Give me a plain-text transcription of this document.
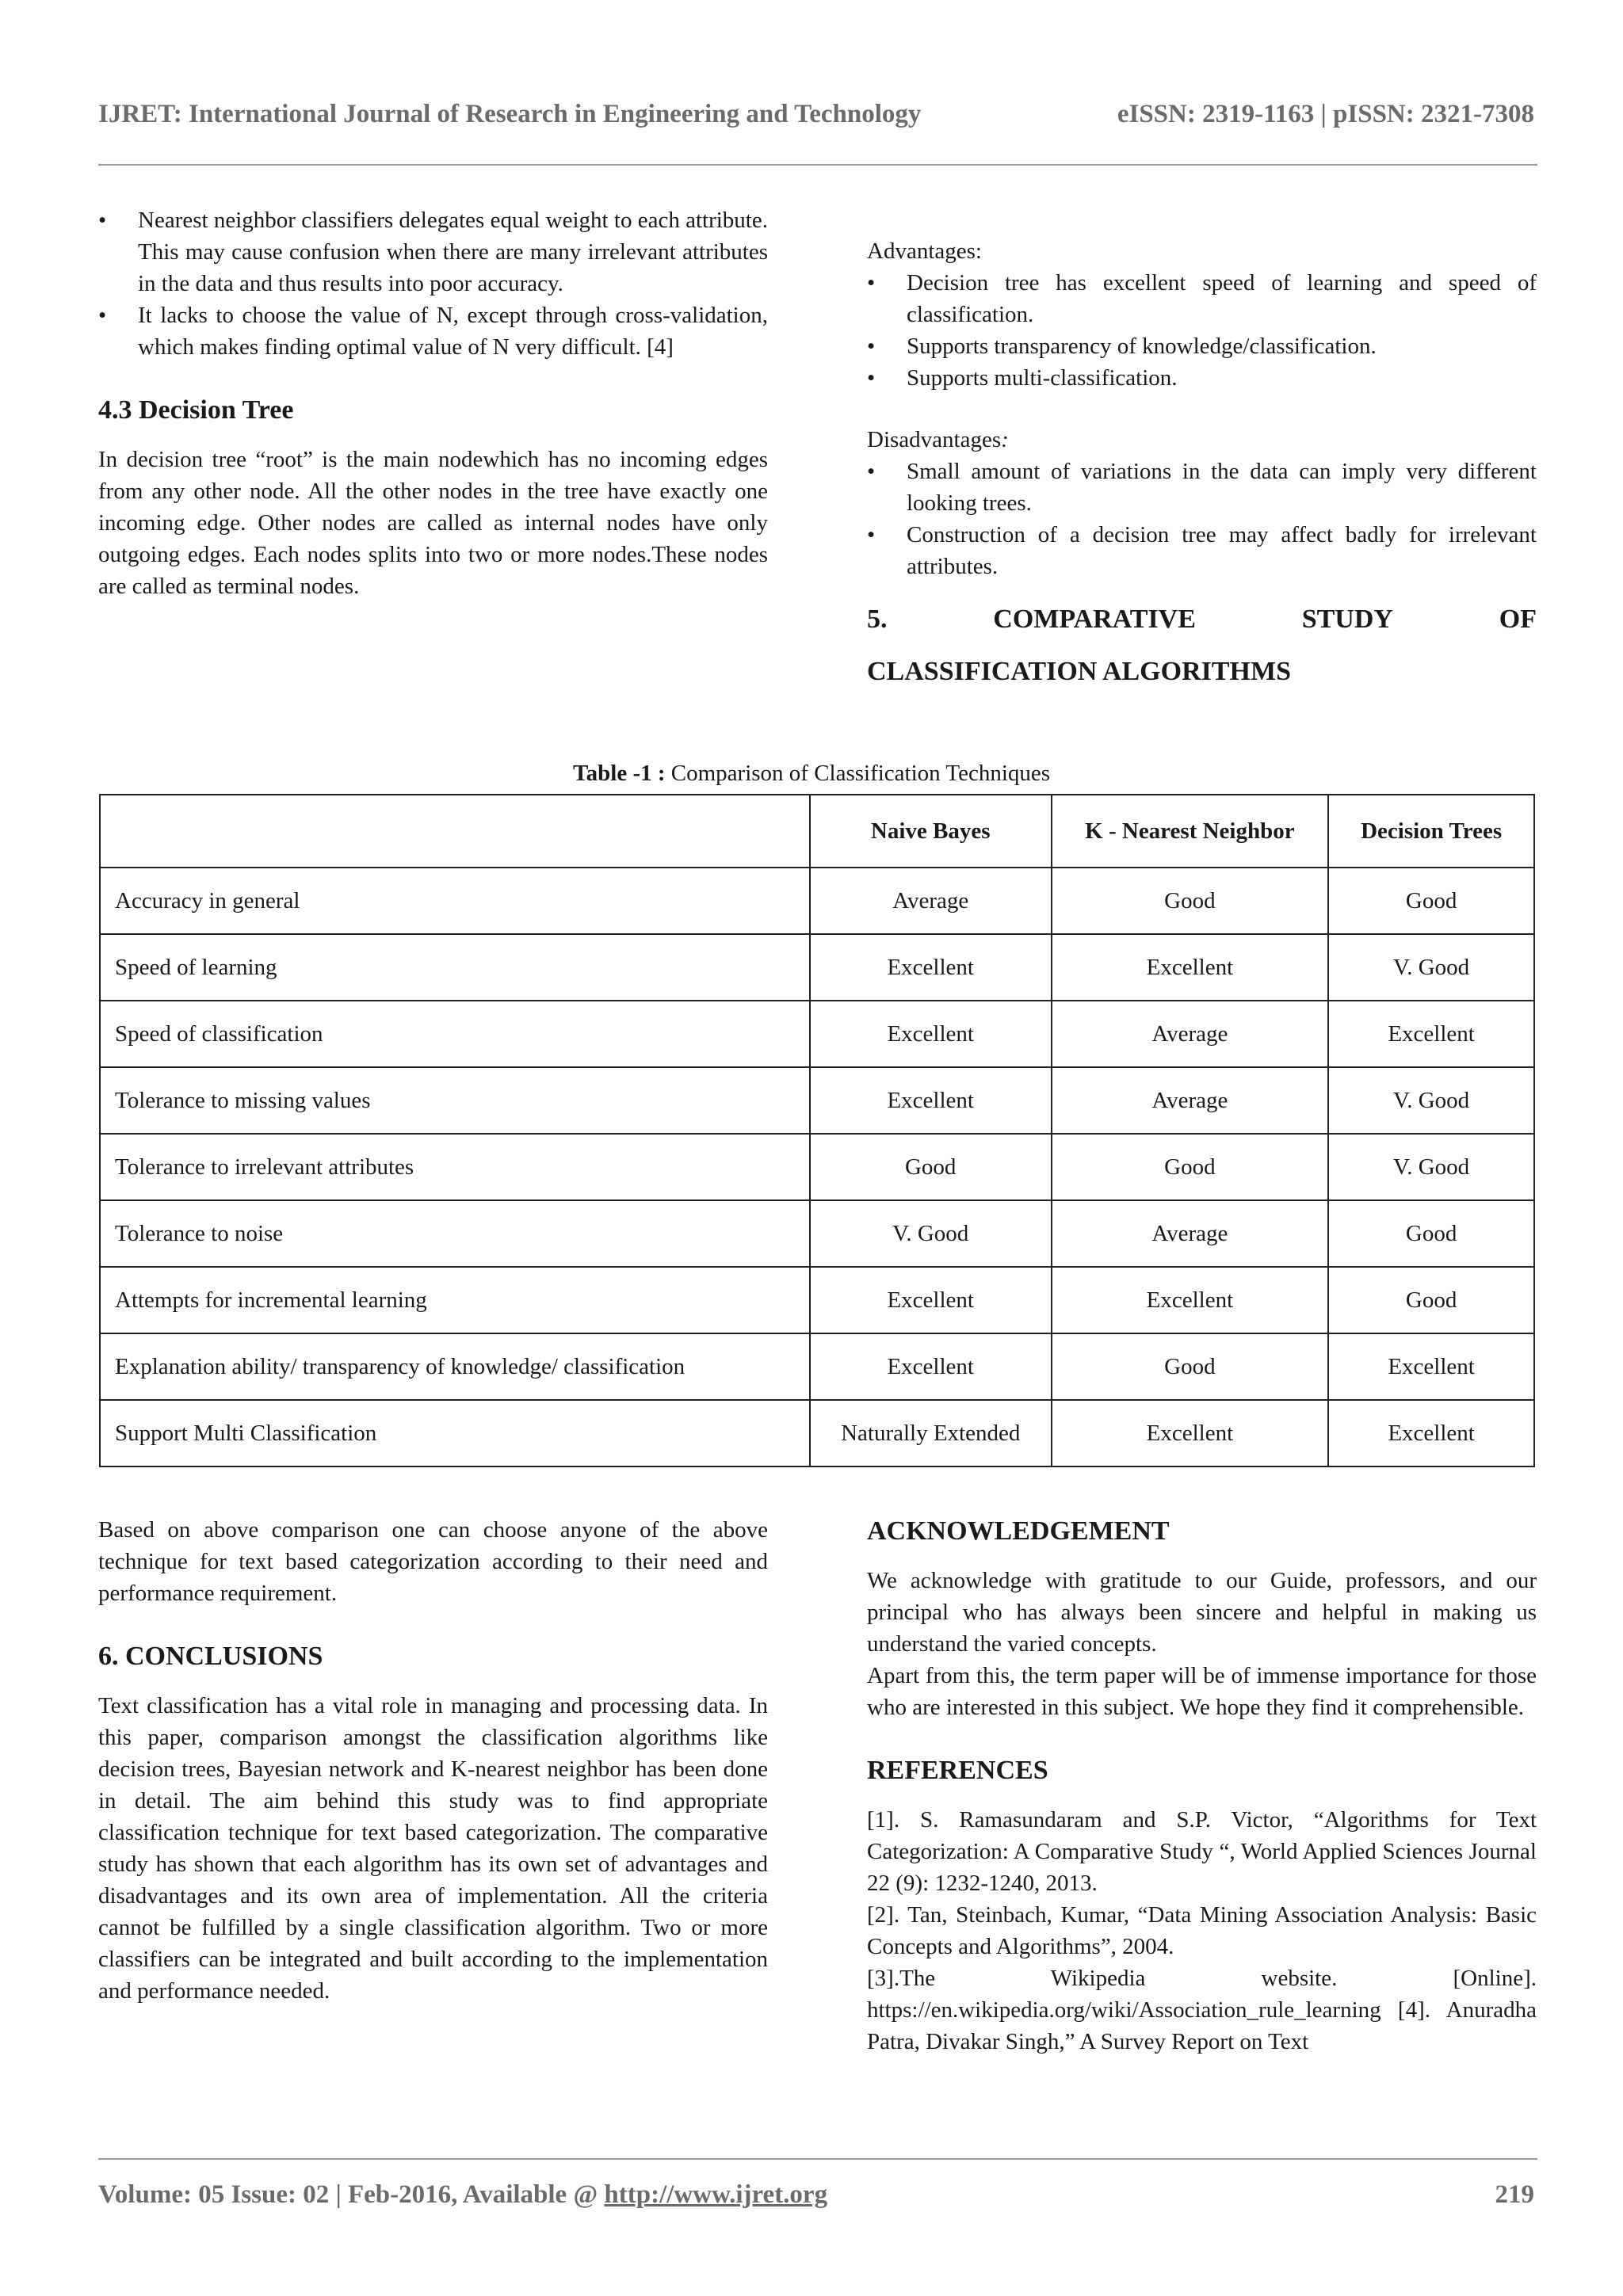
IJRET: International Journal of Research in Engineering and Technology	eISSN: 2319-1163 | pISSN: 2321-7308
• Nearest neighbor classifiers delegates equal weight to each attribute. This may cause confusion when there are many irrelevant attributes in the data and thus results into poor accuracy.
• It lacks to choose the value of N, except through cross-validation, which makes finding optimal value of N very difficult. [4]
4.3 Decision Tree

In decision tree “root” is the main nodewhich has no incoming edges from any other node. All the other nodes in the tree have exactly one incoming edge. Other nodes are called as internal nodes have only outgoing edges. Each nodes splits into two or more nodes.These nodes are called as terminal nodes.

Advantages:

• Decision tree has excellent speed of learning and speed of classification.
• Supports transparency of knowledge/classification.
• Supports multi-classification.

Disadvantages:

• Small amount of variations in the data can imply very different looking trees.
• Construction of a decision tree may affect badly for irrelevant attributes.
5.	COMPARATIVE	STUDY	OF
CLASSIFICATION ALGORITHMS
Table -1 : Comparison of Classification Techniques
	Naive Bayes	K - Nearest Neighbor	Decision Trees
Accuracy in general	Average	Good	Good
Speed of learning	Excellent	Excellent	V. Good
Speed of classification	Excellent	Average	Excellent
Tolerance to missing values	Excellent	Average	V. Good
Tolerance to irrelevant attributes	Good	Good	V. Good
Tolerance to noise	V. Good	Average	Good
Attempts for incremental learning	Excellent	Excellent	Good
Explanation ability/ transparency of knowledge/ classification	Excellent	Good	Excellent
Support Multi Classification	Naturally Extended	Excellent	Excellent

Based on above comparison one can choose anyone of the above technique for text based categorization according to their need and performance requirement.

6. CONCLUSIONS

Text classification has a vital role in managing and processing data. In this paper, comparison amongst the classification algorithms like decision trees, Bayesian network and K-nearest neighbor has been done in detail. The aim behind this study was to find appropriate classification technique for text based categorization. The comparative study has shown that each algorithm has its own set of advantages and disadvantages and its own area of implementation. All the criteria cannot be fulfilled by a single classification algorithm. Two or more classifiers can be integrated and built according to the implementation and performance needed.

ACKNOWLEDGEMENT

We acknowledge with gratitude to our Guide, professors, and our principal who has always been sincere and helpful in making us understand the varied concepts.

Apart from this, the term paper will be of immense importance for those who are interested in this subject. We hope they find it comprehensible.

REFERENCES

[1]. S. Ramasundaram and S.P. Victor, “Algorithms for Text Categorization: A Comparative Study “, World Applied Sciences Journal 22 (9): 1232-1240, 2013.

[2]. Tan, Steinbach, Kumar, “Data Mining Association Analysis: Basic Concepts and Algorithms”, 2004.

[3].The Wikipedia website. [Online]. https://en.wikipedia.org/wiki/Association_rule_learning [4]. Anuradha Patra, Divakar Singh,” A Survey Report on Text

Volume: 05 Issue: 02 | Feb-2016, Available @ http://www.ijret.org	219
